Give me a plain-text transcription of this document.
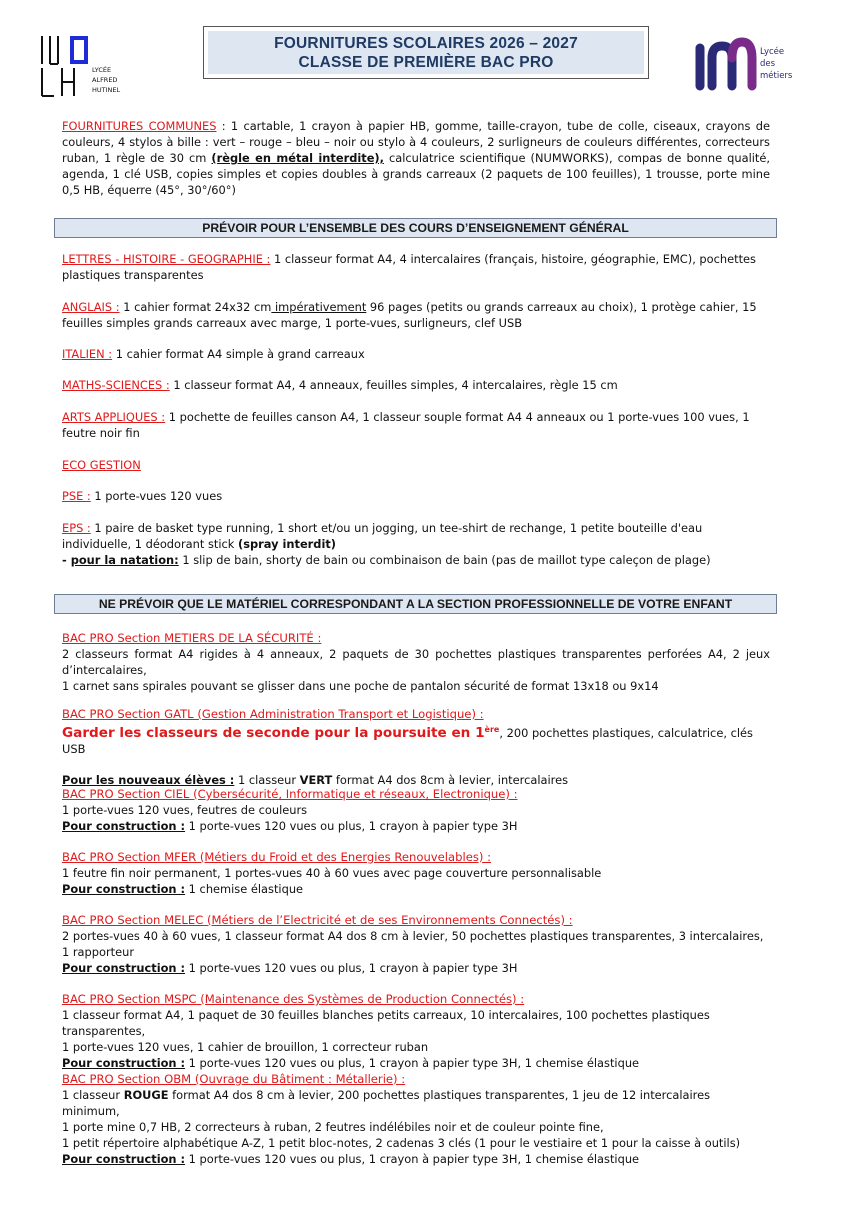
LYCÉE
ALFRED
HUTINEL
FOURNITURES SCOLAIRES 2026 – 2027
CLASSE DE PREMIÈRE BAC PRO
Lycée
des
métiers

FOURNITURES COMMUNES : 1 cartable, 1 crayon à papier HB, gomme, taille-crayon, tube de colle, ciseaux, crayons de couleurs, 4 stylos à bille : vert – rouge – bleu – noir ou stylo à 4 couleurs, 2 surligneurs de couleurs différentes, correcteurs ruban, 1 règle de 30 cm (règle en métal interdite), calculatrice scientifique (NUMWORKS), compas de bonne qualité, agenda, 1 clé USB, copies simples et copies doubles à grands carreaux (2 paquets de 100 feuilles), 1 trousse, porte mine 0,5 HB, équerre (45°, 30°/60°)

PRÉVOIR POUR L’ENSEMBLE DES COURS D’ENSEIGNEMENT GÉNÉRAL

LETTRES - HISTOIRE - GEOGRAPHIE : 1 classeur format A4, 4 intercalaires (français, histoire, géographie, EMC), pochettes plastiques transparentes

ANGLAIS : 1 cahier format 24x32 cm impérativement 96 pages (petits ou grands carreaux au choix), 1 protège cahier, 15 feuilles simples grands carreaux avec marge, 1 porte-vues, surligneurs, clef USB

ITALIEN : 1 cahier format A4 simple à grand carreaux

MATHS-SCIENCES : 1 classeur format A4, 4 anneaux, feuilles simples, 4 intercalaires, règle 15 cm

ARTS APPLIQUES : 1 pochette de feuilles canson A4, 1 classeur souple format A4 4 anneaux ou 1 porte-vues 100 vues, 1 feutre noir fin

ECO GESTION

PSE : 1 porte-vues 120 vues

EPS : 1 paire de basket type running, 1 short et/ou un jogging, un tee-shirt de rechange, 1 petite bouteille d'eau individuelle, 1 déodorant stick (spray interdit)

- pour la natation: 1 slip de bain, shorty de bain ou combinaison de bain (pas de maillot type caleçon de plage)

NE PRÉVOIR QUE LE MATÉRIEL CORRESPONDANT A LA SECTION PROFESSIONNELLE DE VOTRE ENFANT

BAC PRO Section METIERS DE LA SÉCURITÉ :

2 classeurs format A4 rigides à 4 anneaux, 2 paquets de 30 pochettes plastiques transparentes perforées A4, 2 jeux d’intercalaires,

1 carnet sans spirales pouvant se glisser dans une poche de pantalon sécurité de format 13x18 ou 9x14

BAC PRO Section GATL (Gestion Administration Transport et Logistique) :

Garder les classeurs de seconde pour la poursuite en 1ère, 200 pochettes plastiques, calculatrice, clés USB

Pour les nouveaux élèves : 1 classeur VERT format A4 dos 8cm à levier, intercalaires

BAC PRO Section CIEL (Cybersécurité, Informatique et réseaux, Electronique) :

1 porte-vues 120 vues, feutres de couleurs

Pour construction : 1 porte-vues 120 vues ou plus, 1 crayon à papier type 3H

BAC PRO Section MFER (Métiers du Froid et des Energies Renouvelables) :

1 feutre fin noir permanent, 1 portes-vues 40 à 60 vues avec page couverture personnalisable

Pour construction : 1 chemise élastique

BAC PRO Section MELEC (Métiers de l’Electricité et de ses Environnements Connectés) :

2 portes-vues 40 à 60 vues, 1 classeur format A4 dos 8 cm à levier, 50 pochettes plastiques transparentes, 3 intercalaires,

1 rapporteur

Pour construction : 1 porte-vues 120 vues ou plus, 1 crayon à papier type 3H

BAC PRO Section MSPC (Maintenance des Systèmes de Production Connectés) :

1 classeur format A4, 1 paquet de 30 feuilles blanches petits carreaux, 10 intercalaires, 100 pochettes plastiques transparentes,

1 porte-vues 120 vues, 1 cahier de brouillon, 1 correcteur ruban

Pour construction : 1 porte-vues 120 vues ou plus, 1 crayon à papier type 3H, 1 chemise élastique

BAC PRO Section OBM (Ouvrage du Bâtiment : Métallerie) :

1 classeur ROUGE format A4 dos 8 cm à levier, 200 pochettes plastiques transparentes, 1 jeu de 12 intercalaires minimum,

1 porte mine 0,7 HB, 2 correcteurs à ruban, 2 feutres indélébiles noir et de couleur pointe fine,

1 petit répertoire alphabétique A-Z, 1 petit bloc-notes, 2 cadenas 3 clés (1 pour le vestiaire et 1 pour la caisse à outils)

Pour construction : 1 porte-vues 120 vues ou plus, 1 crayon à papier type 3H, 1 chemise élastique
